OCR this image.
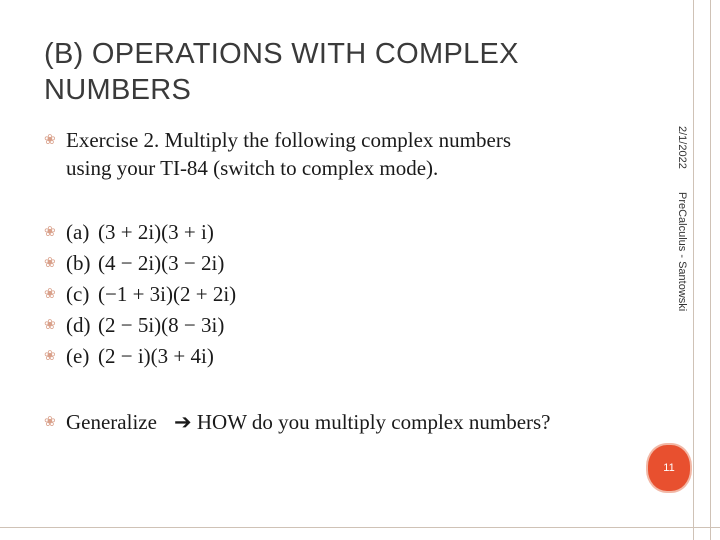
(B) OPERATIONS WITH COMPLEX NUMBERS
❀ Exercise 2. Multiply the following complex numbers
using your TI-84 (switch to complex mode).
❀ (a) (3 + 2i)(3 + i)
❀ (b) (4 − 2i)(3 − 2i)
❀ (c) (−1 + 3i)(2 + 2i)
❀ (d) (2 − 5i)(8 − 3i)
❀ (e) (2 − i)(3 + 4i)
❀ Generalize ➔ HOW do you multiply complex numbers?
2/1/2022
PreCalculus - Santowski
11
